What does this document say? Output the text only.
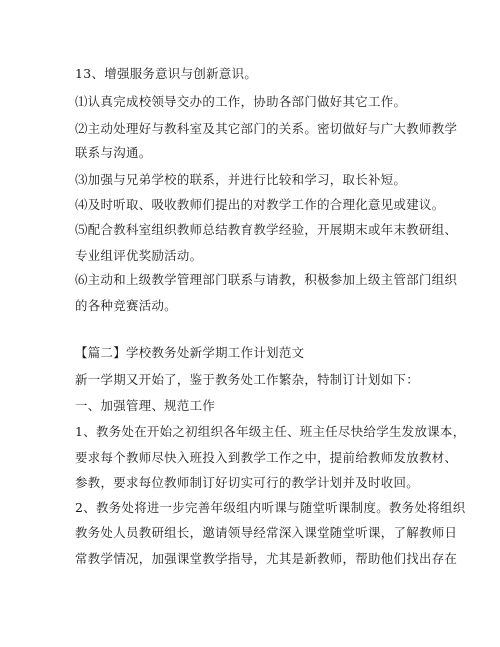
13、增强服务意识与创新意识。
⑴认真完成校领导交办的工作，协助各部门做好其它工作。
⑵主动处理好与教科室及其它部门的关系。密切做好与广大教师教学
联系与沟通。
⑶加强与兄弟学校的联系，并进行比较和学习，取长补短。
⑷及时听取、吸收教师们提出的对教学工作的合理化意见或建议。
⑸配合教科室组织教师总结教育教学经验，开展期末或年末教研组、
专业组评优奖励活动。
⑹主动和上级教学管理部门联系与请教，积极参加上级主管部门组织
的各种竞赛活动。
【篇二】学校教务处新学期工作计划范文
新一学期又开始了，鉴于教务处工作繁杂，特制订计划如下：
一、加强管理、规范工作
1、教务处在开始之初组织各年级主任、班主任尽快给学生发放课本，
要求每个教师尽快入班投入到教学工作之中，提前给教师发放教材、
参教，要求每位教师制订好切实可行的教学计划并及时收回。
2、教务处将进一步完善年级组内听课与随堂听课制度。教务处将组织
教务处人员教研组长，邀请领导经常深入课堂随堂听课，了解教师日
常教学情况，加强课堂教学指导，尤其是新教师，帮助他们找出存在
